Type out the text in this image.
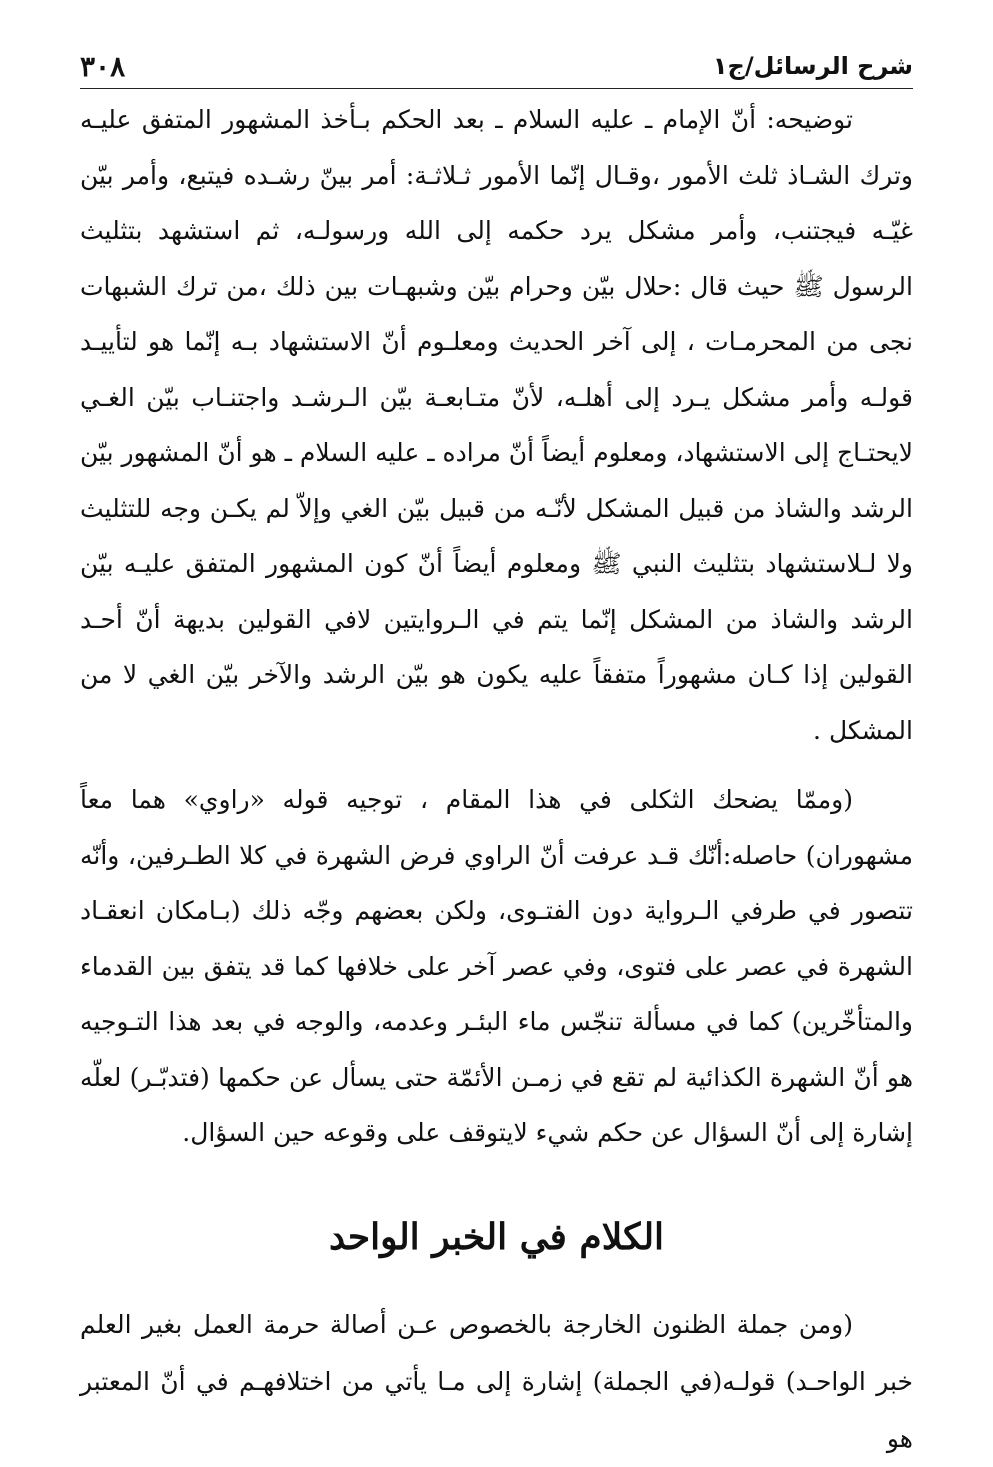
شرح الرسائل/ج١
٣٠٨

توضيحه: أنّ الإمام ـ عليه السلام ـ بعد الحكم بـأخذ المشهور المتفق عليـه وترك الشـاذ ثلث الأمور ،وقـال إنّما الأمور ثـلاثـة: أمر بينّ رشـده فيتبع، وأمر بيّن غيّـه فيجتنب، وأمر مشكل يرد حكمه إلى الله ورسولـه، ثم استشهد بتثليث الرسول ﷺ حيث قال :حلال بيّن وحرام بيّن وشبهـات بين ذلك ،من ترك الشبهات نجى من المحرمـات ، إلى آخر الحديث ومعلـوم أنّ الاستشهاد بـه إنّما هو لتأييـد قولـه وأمر مشكل يـرد إلى أهلـه، لأنّ متـابعـة بيّن الـرشـد واجتنـاب بيّن الغـي لايحتـاج إلى الاستشهاد، ومعلوم أيضاً أنّ مراده ـ عليه السلام ـ هو أنّ المشهور بيّن الرشد والشاذ من قبيل المشكل لأنّـه من قبيل بيّن الغي وإلاّ لم يكـن وجه للتثليث ولا لـلاستشهاد بتثليث النبي ﷺ ومعلوم أيضاً أنّ كون المشهور المتفق عليـه بيّن الرشد والشاذ من المشكل إنّما يتم في الـروايتين لافي القولين بديهة أنّ أحـد القولين إذا كـان مشهوراً متفقاً عليه يكون هو بيّن الرشد والآخر بيّن الغي لا من المشكل .

(وممّا يضحك الثكلى في هذا المقام ، توجيه قوله «راوي» هما معاً مشهوران) حاصله:أنّك قـد عرفت أنّ الراوي فرض الشهرة في كلا الطـرفين، وأنّه تتصور في طرفي الـرواية دون الفتـوى، ولكن بعضهم وجّه ذلك (بـامكان انعقـاد الشهرة في عصر على فتوى، وفي عصر آخر على خلافها كما قد يتفق بين القدماء والمتأخّرين) كما في مسألة تنجّس ماء البئـر وعدمه، والوجه في بعد هذا التـوجيه هو أنّ الشهرة الكذائية لم تقع في زمـن الأئمّة حتى يسأل عن حكمها (فتدبّـر) لعلّه إشارة إلى أنّ السؤال عن حكم شيء لايتوقف على وقوعه حين السؤال.

الكلام في الخبر الواحد

(ومن جملة الظنون الخارجة بالخصوص عـن أصالة حرمة العمل بغير العلم خبر الواحـد) قولـه(في الجملة) إشارة إلى مـا يأتي من اختلافهـم في أنّ المعتبر هو
